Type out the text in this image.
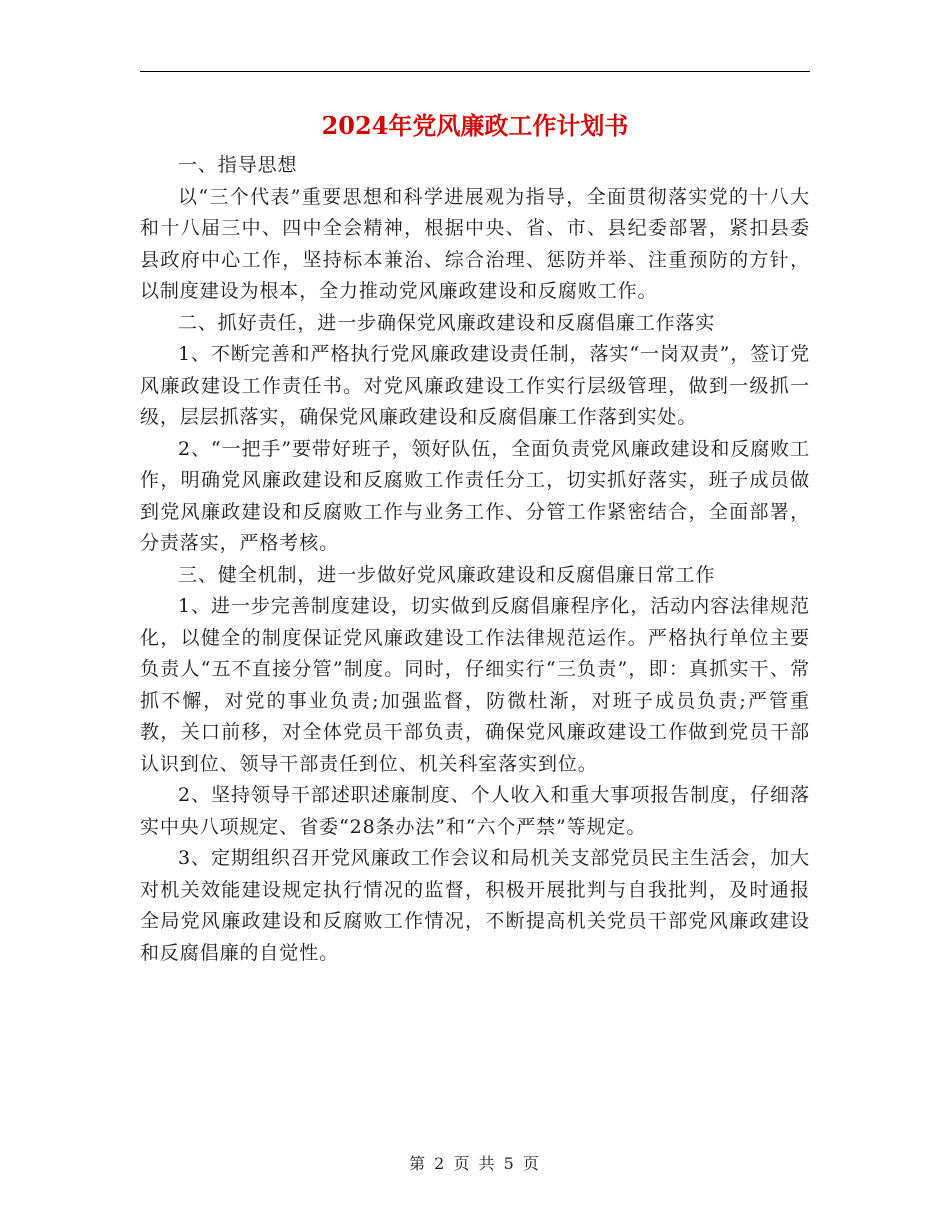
2024年党风廉政工作计划书

一、指导思想

以“三个代表”重要思想和科学进展观为指导，全面贯彻落实党的十八大和十八届三中、四中全会精神，根据中央、省、市、县纪委部署，紧扣县委县政府中心工作，坚持标本兼治、综合治理、惩防并举、注重预防的方针，以制度建设为根本，全力推动党风廉政建设和反腐败工作。

二、抓好责任，进一步确保党风廉政建设和反腐倡廉工作落实

1、不断完善和严格执行党风廉政建设责任制，落实“一岗双责”，签订党风廉政建设工作责任书。对党风廉政建设工作实行层级管理，做到一级抓一级，层层抓落实，确保党风廉政建设和反腐倡廉工作落到实处。

2、“一把手”要带好班子，领好队伍，全面负责党风廉政建设和反腐败工作，明确党风廉政建设和反腐败工作责任分工，切实抓好落实，班子成员做到党风廉政建设和反腐败工作与业务工作、分管工作紧密结合，全面部署，分责落实，严格考核。

三、健全机制，进一步做好党风廉政建设和反腐倡廉日常工作

1、进一步完善制度建设，切实做到反腐倡廉程序化，活动内容法律规范化，以健全的制度保证党风廉政建设工作法律规范运作。严格执行单位主要负责人“五不直接分管”制度。同时，仔细实行“三负责”，即：真抓实干、常抓不懈，对党的事业负责;加强监督，防微杜渐，对班子成员负责;严管重教，关口前移，对全体党员干部负责，确保党风廉政建设工作做到党员干部认识到位、领导干部责任到位、机关科室落实到位。

2、坚持领导干部述职述廉制度、个人收入和重大事项报告制度，仔细落实中央八项规定、省委“28条办法”和“六个严禁”等规定。

3、定期组织召开党风廉政工作会议和局机关支部党员民主生活会，加大对机关效能建设规定执行情况的监督，积极开展批判与自我批判，及时通报全局党风廉政建设和反腐败工作情况，不断提高机关党员干部党风廉政建设和反腐倡廉的自觉性。

第 2 页 共 5 页
